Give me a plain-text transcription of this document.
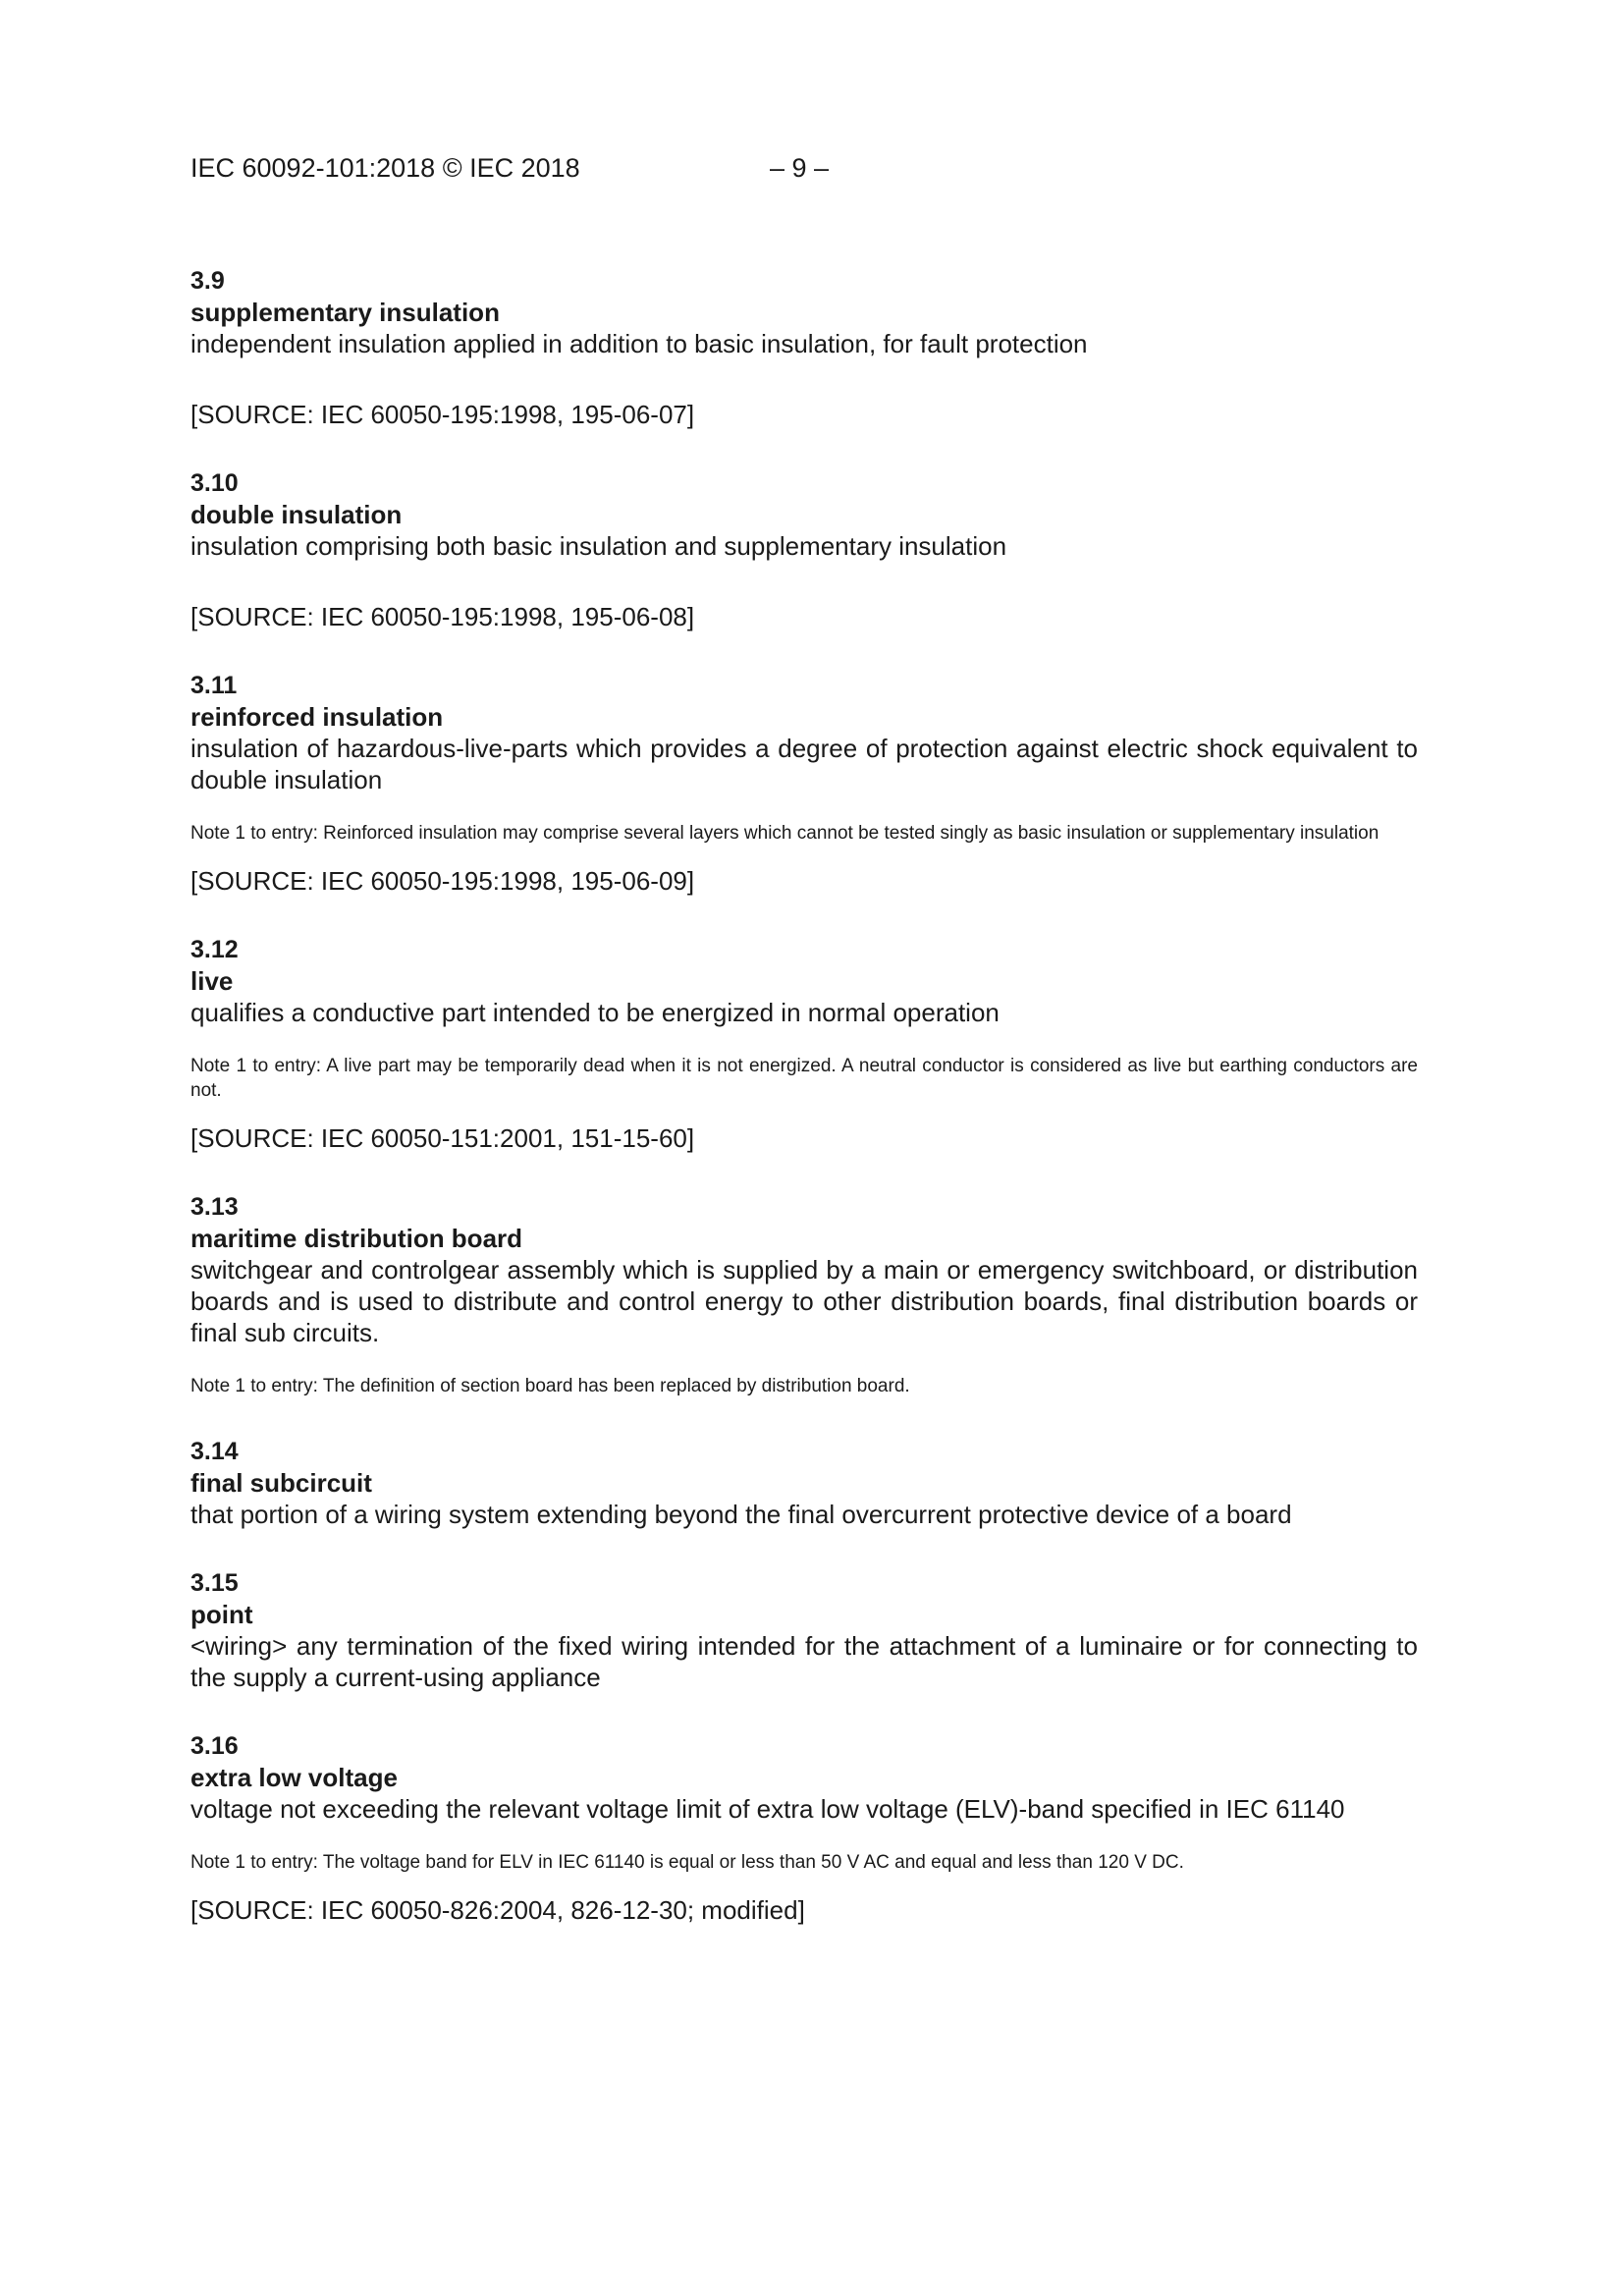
IEC 60092-101:2018 © IEC 2018	– 9 –
3.9
supplementary insulation
independent insulation applied in addition to basic insulation, for fault protection
[SOURCE: IEC 60050-195:1998, 195-06-07]
3.10
double insulation
insulation comprising both basic insulation and supplementary insulation
[SOURCE: IEC 60050-195:1998, 195-06-08]
3.11
reinforced insulation
insulation of hazardous-live-parts which provides a degree of protection against electric shock equivalent to double insulation
Note 1 to entry: Reinforced insulation may comprise several layers which cannot be tested singly as basic insulation or supplementary insulation
[SOURCE: IEC 60050-195:1998, 195-06-09]
3.12
live
qualifies a conductive part intended to be energized in normal operation
Note 1 to entry: A live part may be temporarily dead when it is not energized. A neutral conductor is considered as live but earthing conductors are not.
[SOURCE: IEC 60050-151:2001, 151-15-60]
3.13
maritime distribution board
switchgear and controlgear assembly which is supplied by a main or emergency switchboard, or distribution boards and is used to distribute and control energy to other distribution boards, final distribution boards or final sub circuits.
Note 1 to entry: The definition of section board has been replaced by distribution board.
3.14
final subcircuit
that portion of a wiring system extending beyond the final overcurrent protective device of a board
3.15
point
<wiring> any termination of the fixed wiring intended for the attachment of a luminaire or for connecting to the supply a current-using appliance
3.16
extra low voltage
voltage not exceeding the relevant voltage limit of extra low voltage (ELV)-band specified in IEC 61140
Note 1 to entry: The voltage band for ELV in IEC 61140 is equal or less than 50 V AC and equal and less than 120 V DC.
[SOURCE: IEC 60050-826:2004, 826-12-30; modified]
